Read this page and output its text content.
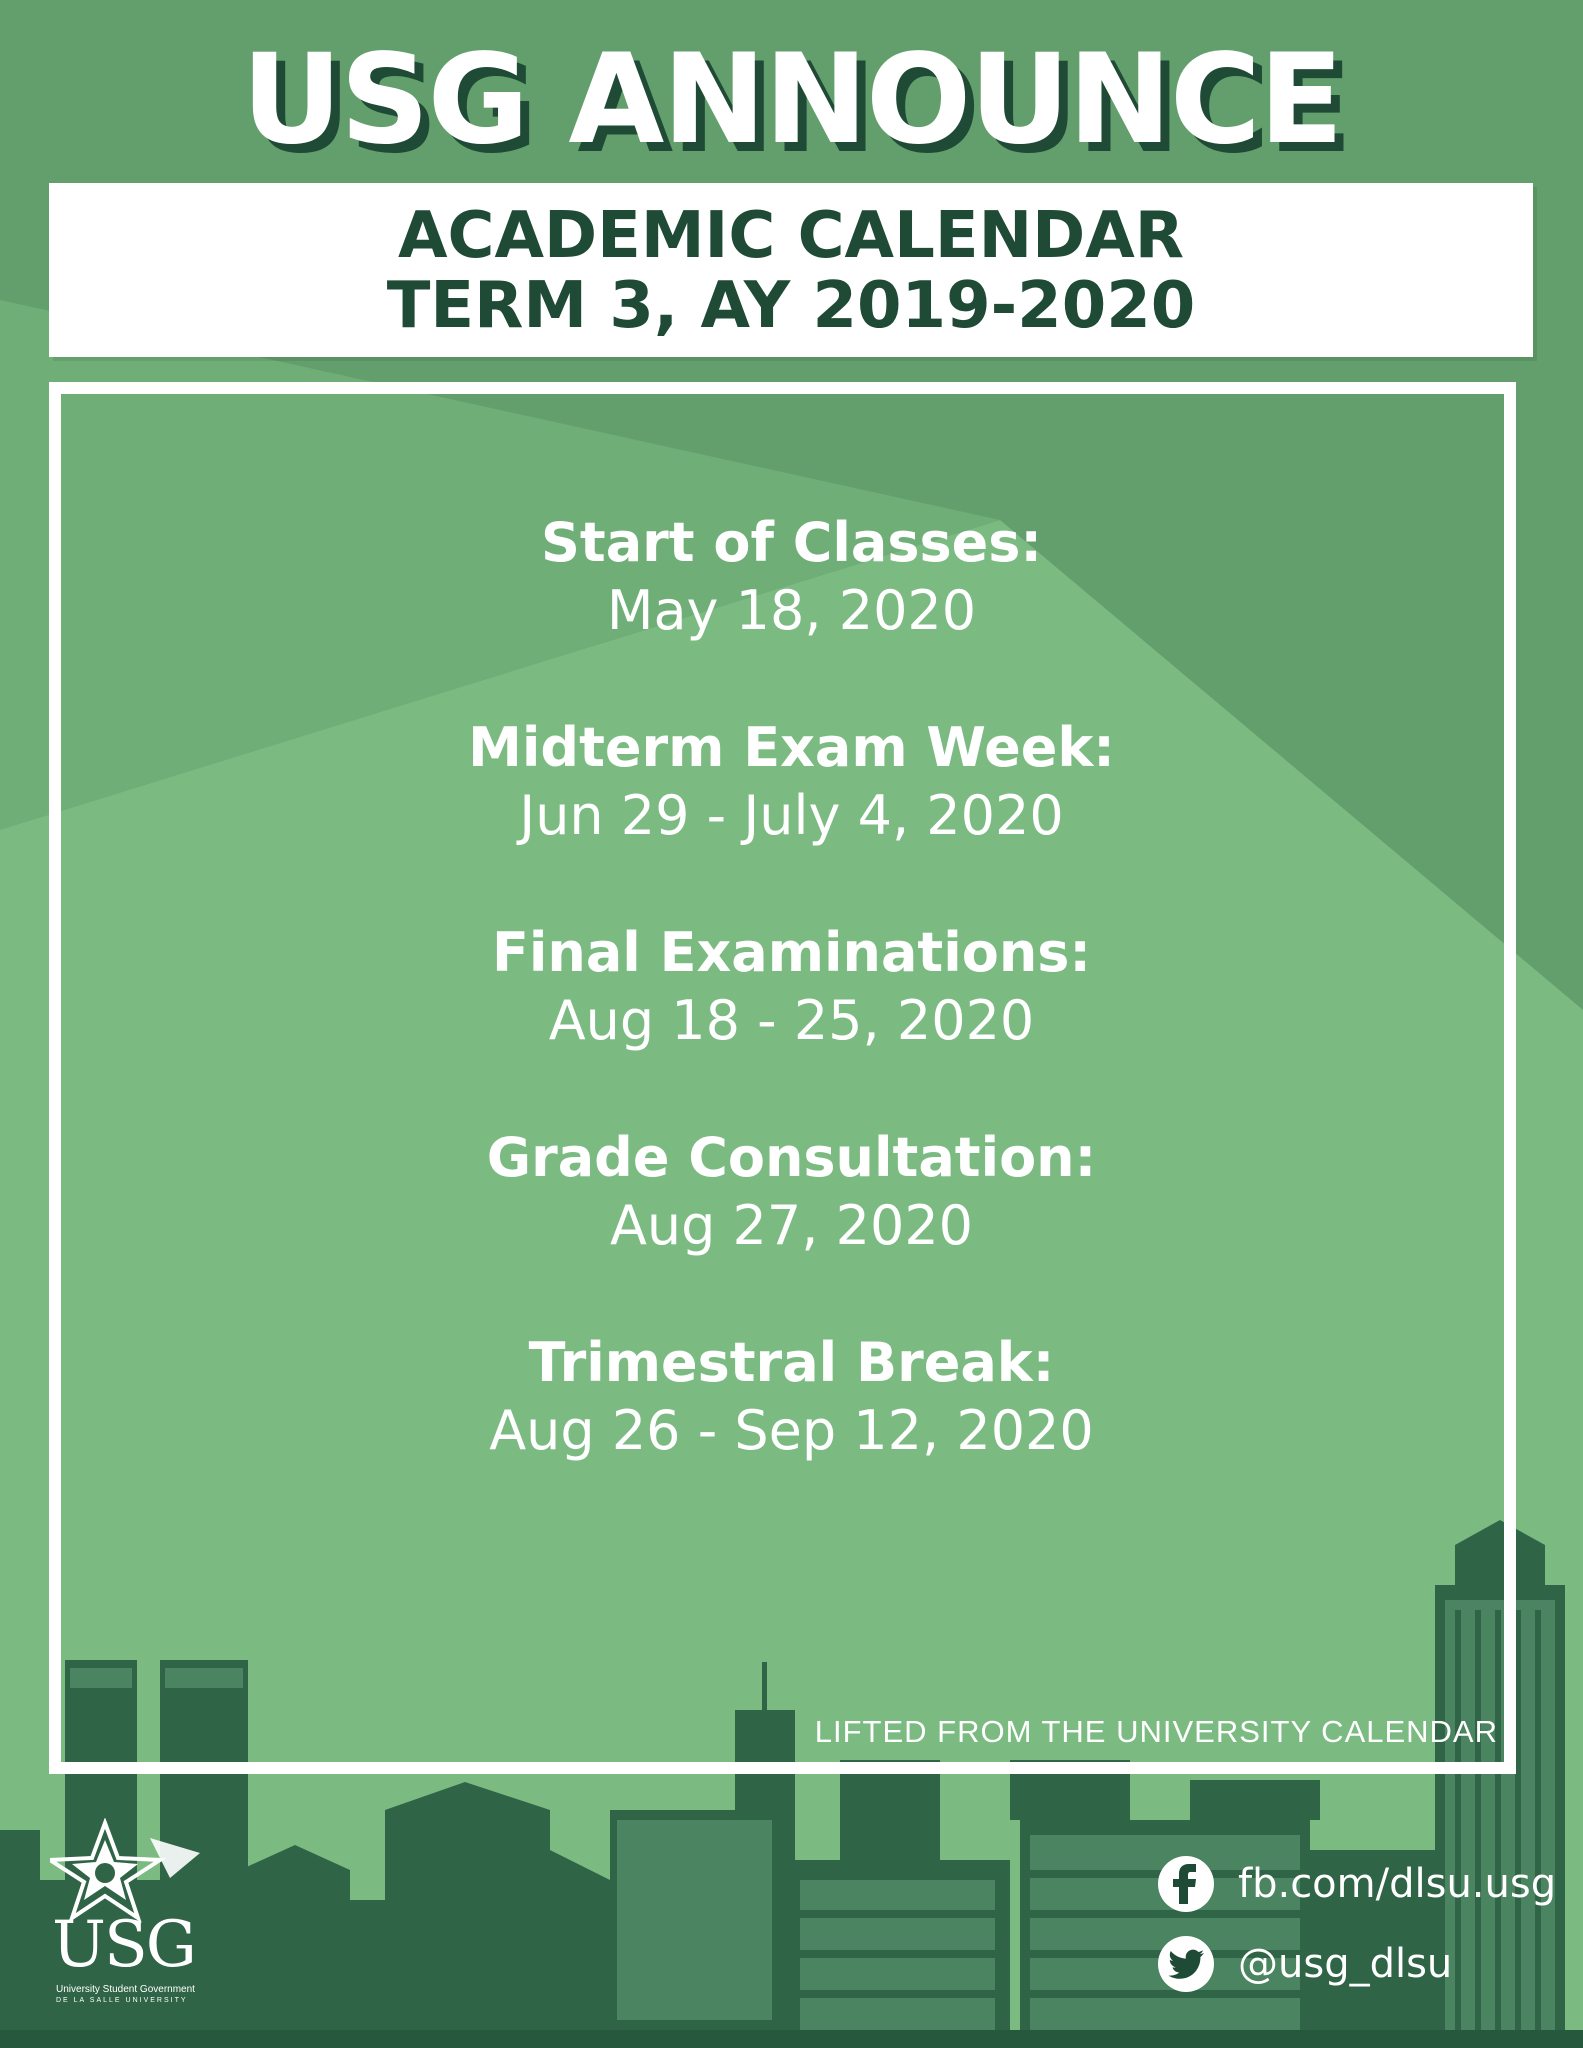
USG ANNOUNCE
ACADEMIC CALENDAR
TERM 3, AY 2019-2020
Start of Classes:
May 18, 2020
Midterm Exam Week:
Jun 29 - July 4, 2020
Final Examinations:
Aug 18 - 25, 2020
Grade Consultation:
Aug 27, 2020
Trimestral Break:
Aug 26 - Sep 12, 2020
LIFTED FROM THE UNIVERSITY CALENDAR
USG
University Student Government
DE LA SALLE UNIVERSITY
fb.com/dlsu.usg
@usg_dlsu
